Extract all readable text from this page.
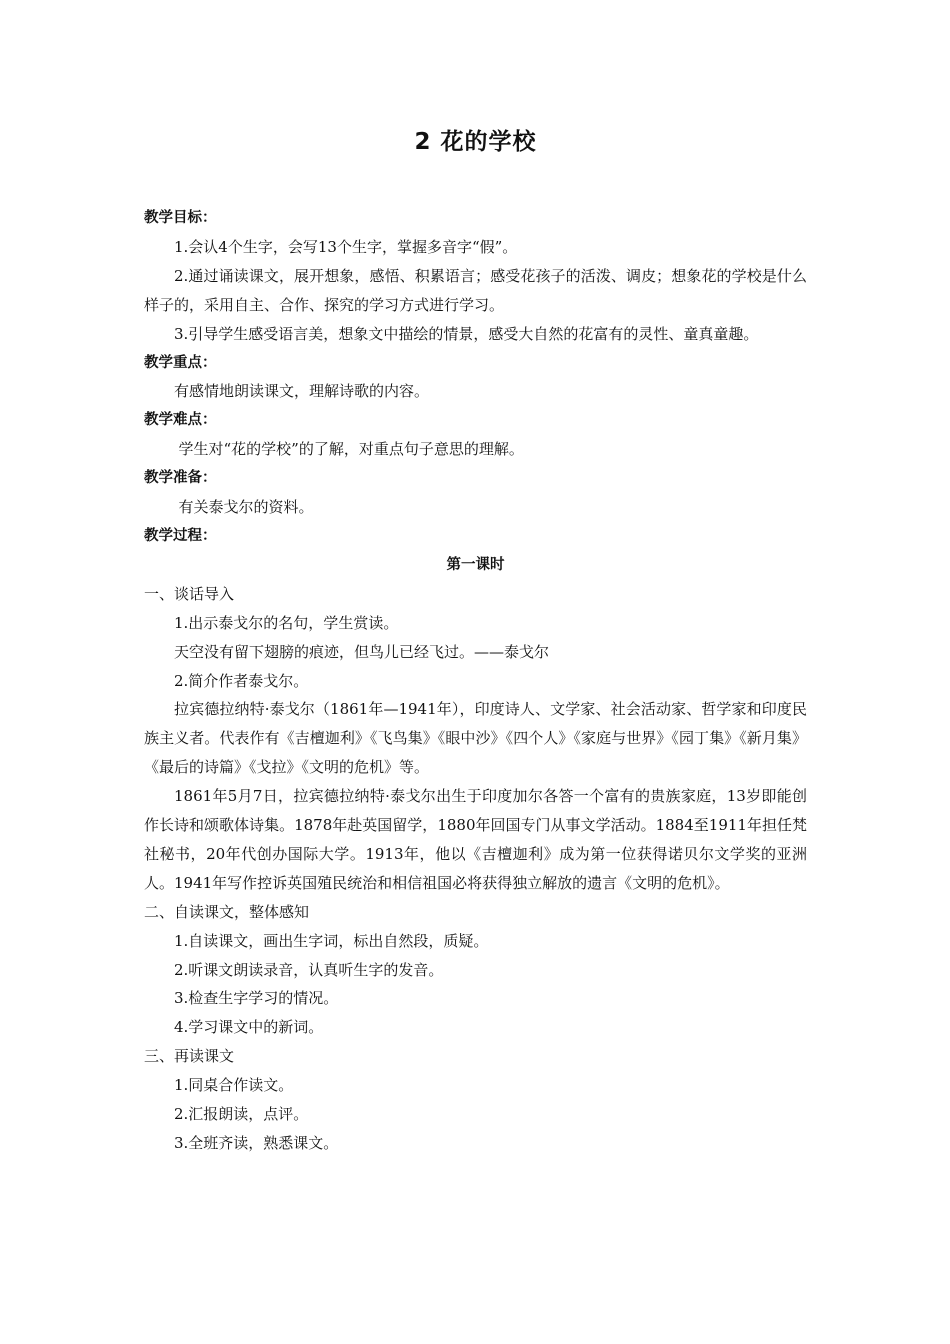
2 花的学校

教学目标：

1.会认4个生字，会写13个生字，掌握多音字“假”。

2.通过诵读课文，展开想象，感悟、积累语言；感受花孩子的活泼、调皮；想象花的学校是什么样子的，采用自主、合作、探究的学习方式进行学习。

3.引导学生感受语言美，想象文中描绘的情景，感受大自然的花富有的灵性、童真童趣。

教学重点：

有感情地朗读课文，理解诗歌的内容。

教学难点：

学生对“花的学校”的了解，对重点句子意思的理解。

教学准备：

有关泰戈尔的资料。

教学过程：

第一课时

一、谈话导入

1.出示泰戈尔的名句，学生赏读。

天空没有留下翅膀的痕迹，但鸟儿已经飞过。——泰戈尔

2.简介作者泰戈尔。

拉宾德拉纳特·泰戈尔（1861年—1941年），印度诗人、文学家、社会活动家、哲学家和印度民族主义者。代表作有《吉檀迦利》《飞鸟集》《眼中沙》《四个人》《家庭与世界》《园丁集》《新月集》《最后的诗篇》《戈拉》《文明的危机》等。

1861年5月7日，拉宾德拉纳特·泰戈尔出生于印度加尔各答一个富有的贵族家庭，13岁即能创作长诗和颂歌体诗集。1878年赴英国留学，1880年回国专门从事文学活动。1884至1911年担任梵社秘书，20年代创办国际大学。1913年，他以《吉檀迦利》成为第一位获得诺贝尔文学奖的亚洲人。1941年写作控诉英国殖民统治和相信祖国必将获得独立解放的遗言《文明的危机》。

二、自读课文，整体感知

1.自读课文，画出生字词，标出自然段，质疑。

2.听课文朗读录音，认真听生字的发音。

3.检查生字学习的情况。

4.学习课文中的新词。

三、再读课文

1.同桌合作读文。

2.汇报朗读，点评。

3.全班齐读，熟悉课文。
